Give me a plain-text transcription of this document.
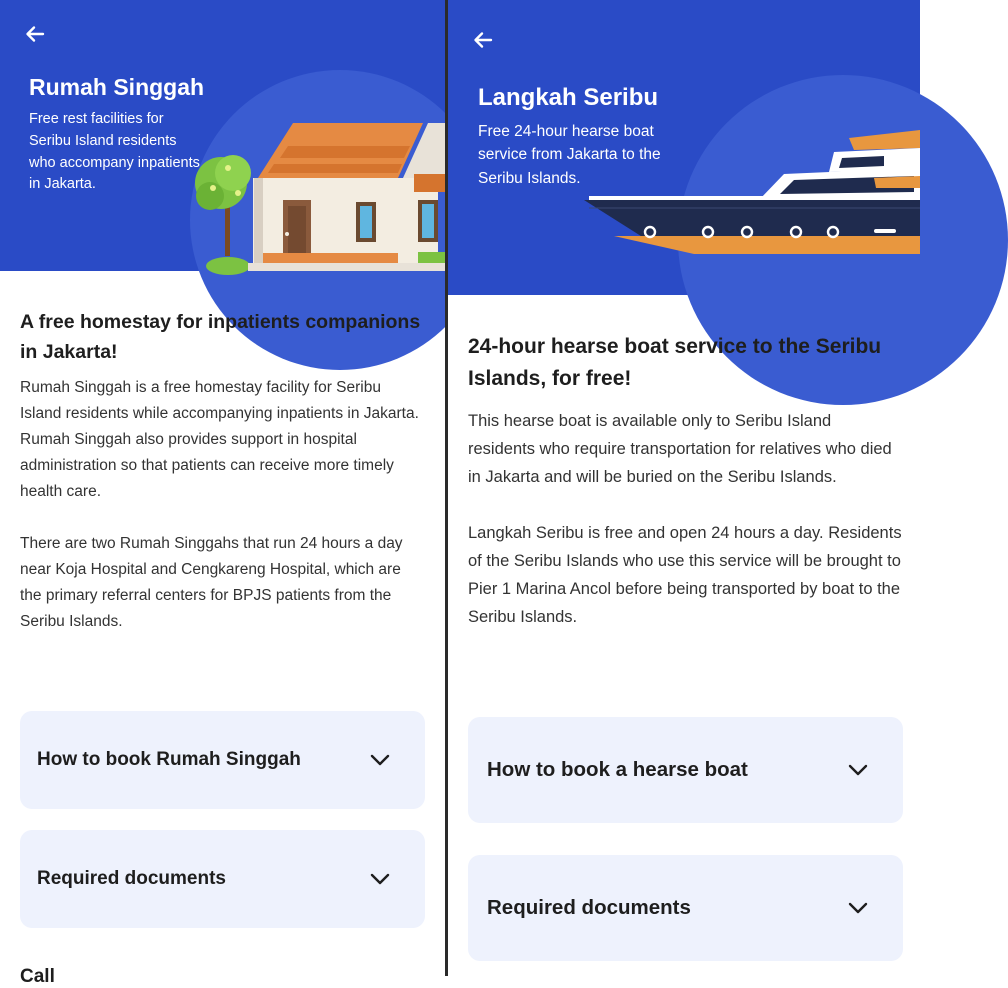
Rumah Singgah

Free rest facilities for Seribu Island residents who accompany inpatients in Jakarta.

A free homestay for inpatients companions in Jakarta!

Rumah Singgah is a free homestay facility for Seribu Island residents while accompanying inpatients in Jakarta. Rumah Singgah also provides support in hospital administration so that patients can receive more timely health care.

There are two Rumah Singgahs that run 24 hours a day near Koja Hospital and Cengkareng Hospital, which are the primary referral centers for BPJS patients from the Seribu Islands.

How to book Rumah Singgah
Required documents
Call
Langkah Seribu

Free 24-hour hearse boat service from Jakarta to the Seribu Islands.

24-hour hearse boat service to the Seribu Islands, for free!

This hearse boat is available only to Seribu Island residents who require transportation for relatives who died in Jakarta and will be buried on the Seribu Islands.

Langkah Seribu is free and open 24 hours a day. Residents of the Seribu Islands who use this service will be brought to Pier 1 Marina Ancol before being transported by boat to the Seribu Islands.

How to book a hearse boat
Required documents
